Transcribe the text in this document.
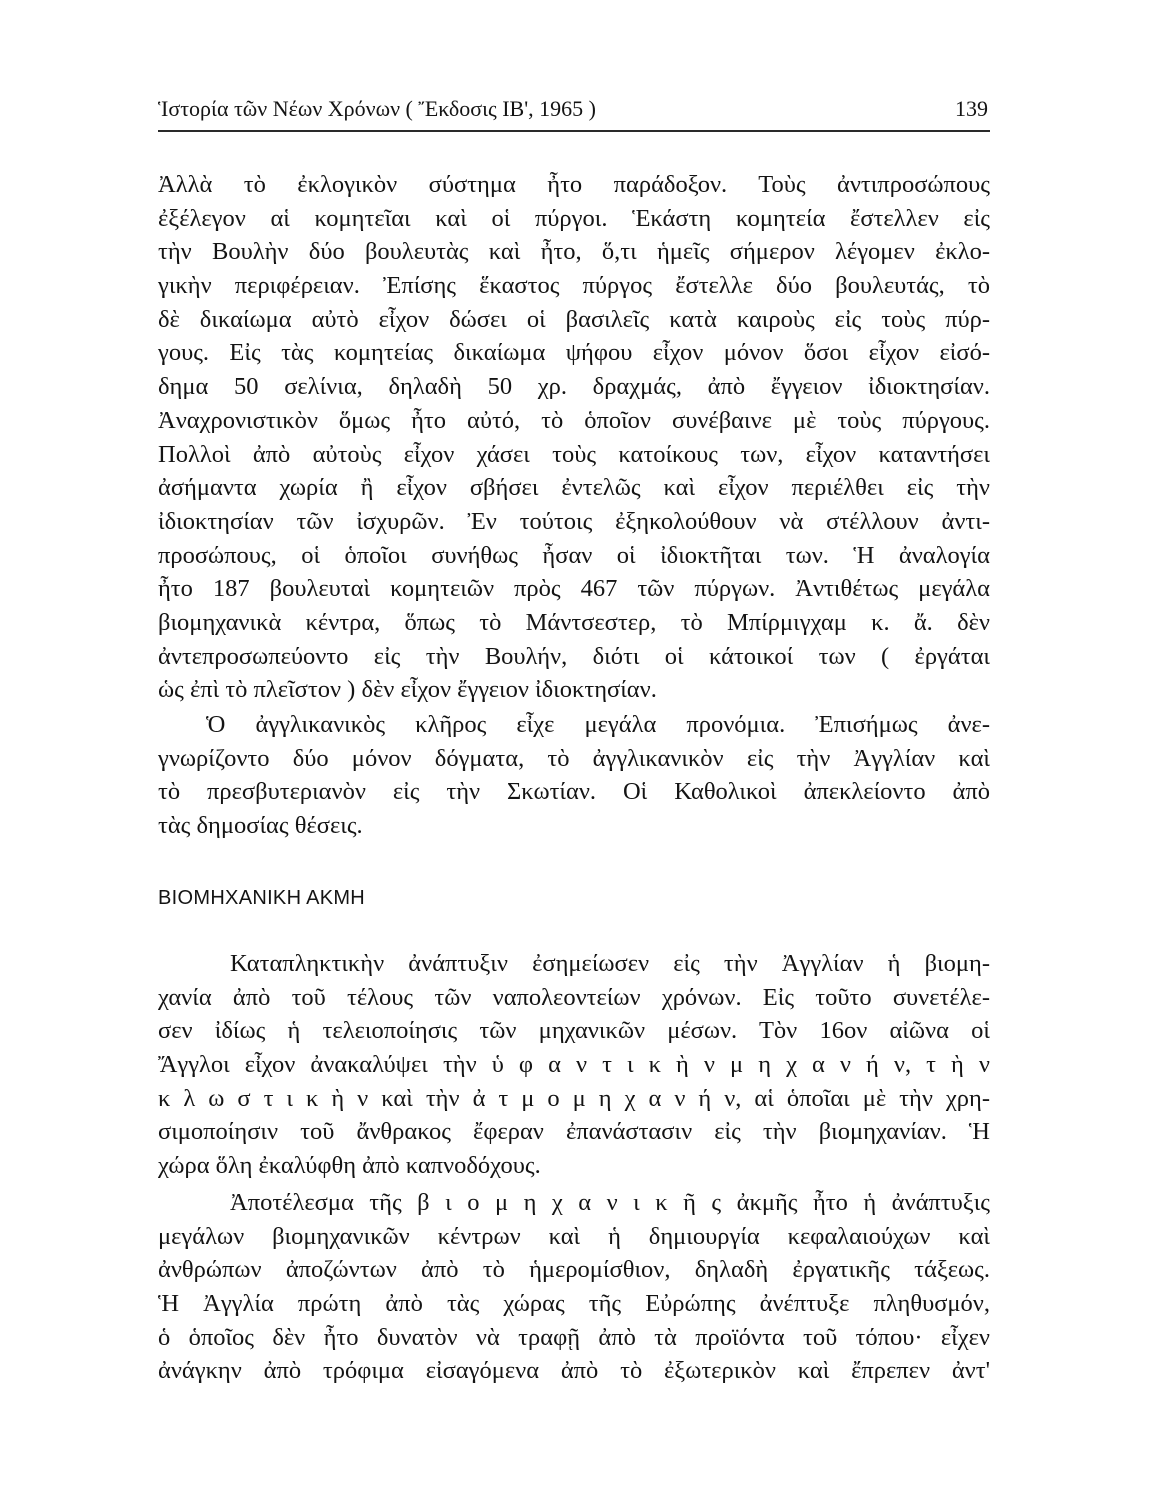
Ἱστορία τῶν Νέων Χρόνων ( Ἔκδοσις ΙΒ', 1965 )	139
Ἀλλὰ τὸ ἐκλογικὸν σύστημα ἦτο παράδοξον. Τοὺς ἀντιπροσώπους
ἐξέλεγον αἱ κομητεῖαι καὶ οἱ πύργοι. Ἑκάστη κομητεία ἔστελλεν εἰς
τὴν Βουλὴν δύο βουλευτὰς καὶ ἦτο, ὅ,τι ἡμεῖς σήμερον λέγομεν ἐκλο-
γικὴν περιφέρειαν. Ἐπίσης ἕκαστος πύργος ἔστελλε δύο βουλευτάς, τὸ
δὲ δικαίωμα αὐτὸ εἶχον δώσει οἱ βασιλεῖς κατὰ καιροὺς εἰς τοὺς πύρ-
γους. Εἰς τὰς κομητείας δικαίωμα ψήφου εἶχον μόνον ὅσοι εἶχον εἰσό-
δημα 50 σελίνια, δηλαδὴ 50 χρ. δραχμάς, ἀπὸ ἔγγειον ἰδιοκτησίαν.
Ἀναχρονιστικὸν ὅμως ἦτο αὐτό, τὸ ὁποῖον συνέβαινε μὲ τοὺς πύργους.
Πολλοὶ ἀπὸ αὐτοὺς εἶχον χάσει τοὺς κατοίκους των, εἶχον καταντήσει
ἀσήμαντα χωρία ἢ εἶχον σβήσει ἐντελῶς καὶ εἶχον περιέλθει εἰς τὴν
ἰδιοκτησίαν τῶν ἰσχυρῶν. Ἐν τούτοις ἐξηκολούθουν νὰ στέλλουν ἀντι-
προσώπους, οἱ ὁποῖοι συνήθως ἦσαν οἱ ἰδιοκτῆται των. Ἡ ἀναλογία
ἦτο 187 βουλευταὶ κομητειῶν πρὸς 467 τῶν πύργων. Ἀντιθέτως μεγάλα
βιομηχανικὰ κέντρα, ὅπως τὸ Μάντσεστερ, τὸ Μπίρμιγχαμ κ. ἄ. δὲν
ἀντεπροσωπεύοντο εἰς τὴν Βουλήν, διότι οἱ κάτοικοί των ( ἐργάται
ὡς ἐπὶ τὸ πλεῖστον ) δὲν εἶχον ἔγγειον ἰδιοκτησίαν.
Ὁ ἀγγλικανικὸς κλῆρος εἶχε μεγάλα προνόμια. Ἐπισήμως ἀνε-
γνωρίζοντο δύο μόνον δόγματα, τὸ ἀγγλικανικὸν εἰς τὴν Ἀγγλίαν καὶ
τὸ πρεσβυτεριανὸν εἰς τὴν Σκωτίαν. Οἱ Καθολικοὶ ἀπεκλείοντο ἀπὸ
τὰς δημοσίας θέσεις.
ΒΙΟΜΗΧΑΝΙΚΗ ΑΚΜΗ
Καταπληκτικὴν ἀνάπτυξιν ἐσημείωσεν εἰς τὴν Ἀγγλίαν ἡ βιομη-
χανία ἀπὸ τοῦ τέλους τῶν ναπολεοντείων χρόνων. Εἰς τοῦτο συνετέλε-
σεν ἰδίως ἡ τελειοποίησις τῶν μηχανικῶν μέσων. Τὸν 16ον αἰῶνα οἱ
Ἄγγλοι εἶχον ἀνακαλύψει τὴν ὑ φ α ν τ ι κ ὴ ν μ η χ α ν ή ν, τ ὴ ν
κ λ ω σ τ ι κ ὴ ν καὶ τὴν ἀ τ μ ο μ η χ α ν ή ν, αἱ ὁποῖαι μὲ τὴν χρη-
σιμοποίησιν τοῦ ἄνθρακος ἔφεραν ἐπανάστασιν εἰς τὴν βιομηχανίαν. Ἡ
χώρα ὅλη ἐκαλύφθη ἀπὸ καπνοδόχους.
Ἀποτέλεσμα τῆς β ι ο μ η χ α ν ι κ ῆ ς ἀκμῆς ἦτο ἡ ἀνάπτυξις
μεγάλων βιομηχανικῶν κέντρων καὶ ἡ δημιουργία κεφαλαιούχων καὶ
ἀνθρώπων ἀποζώντων ἀπὸ τὸ ἡμερομίσθιον, δηλαδὴ ἐργατικῆς τάξεως.
Ἡ Ἀγγλία πρώτη ἀπὸ τὰς χώρας τῆς Εὐρώπης ἀνέπτυξε πληθυσμόν,
ὁ ὁποῖος δὲν ἦτο δυνατὸν νὰ τραφῇ ἀπὸ τὰ προϊόντα τοῦ τόπου· εἶχεν
ἀνάγκην ἀπὸ τρόφιμα εἰσαγόμενα ἀπὸ τὸ ἐξωτερικὸν καὶ ἔπρεπεν ἀντ'
